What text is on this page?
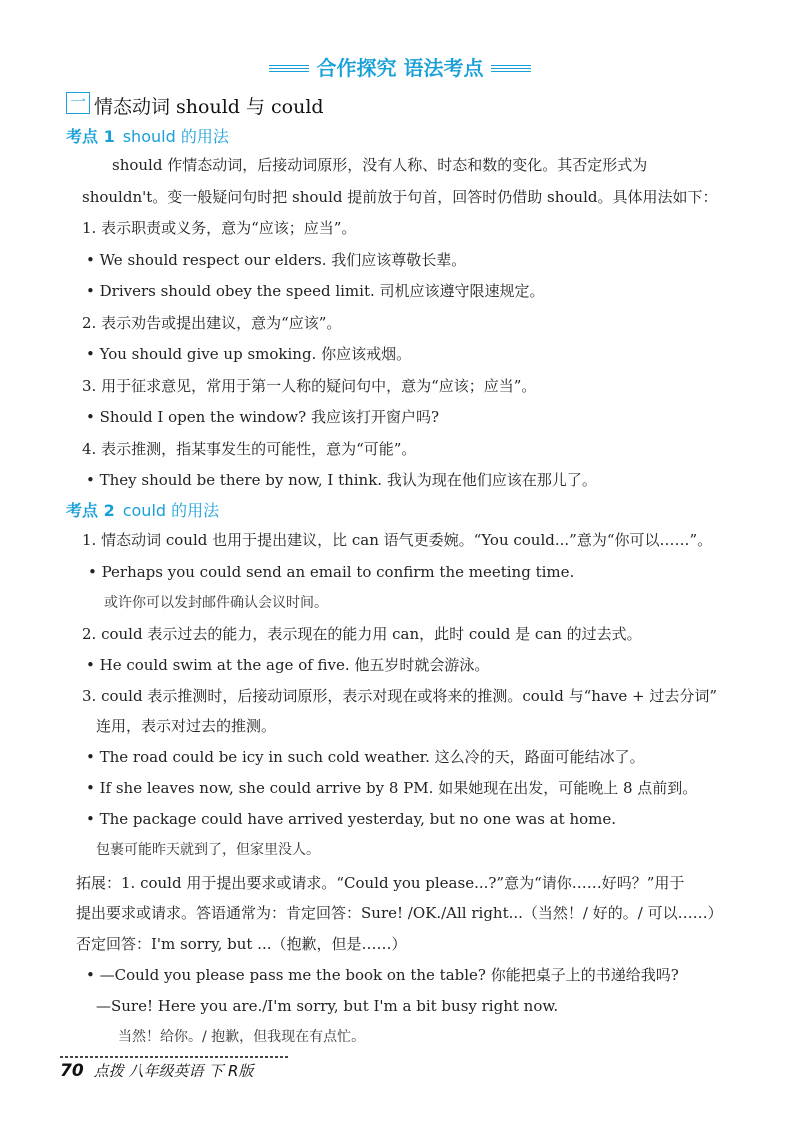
合作探究 语法考点
一 情态动词 should 与 could
考点 1 should 的用法
should 作情态动词，后接动词原形，没有人称、时态和数的变化。其否定形式为
shouldn't。变一般疑问句时把 should 提前放于句首，回答时仍借助 should。具体用法如下：
1. 表示职责或义务，意为“应该；应当”。
• We should respect our elders. 我们应该尊敬长辈。
• Drivers should obey the speed limit. 司机应该遵守限速规定。
2. 表示劝告或提出建议，意为“应该”。
• You should give up smoking. 你应该戒烟。
3. 用于征求意见，常用于第一人称的疑问句中，意为“应该；应当”。
• Should I open the window? 我应该打开窗户吗?
4. 表示推测，指某事发生的可能性，意为“可能”。
• They should be there by now, I think. 我认为现在他们应该在那儿了。
考点 2 could 的用法
1. 情态动词 could 也用于提出建议，比 can 语气更委婉。“You could...”意为“你可以……”。
• Perhaps you could send an email to confirm the meeting time.
或许你可以发封邮件确认会议时间。
2. could 表示过去的能力，表示现在的能力用 can，此时 could 是 can 的过去式。
• He could swim at the age of five. 他五岁时就会游泳。
3. could 表示推测时，后接动词原形，表示对现在或将来的推测。could 与“have + 过去分词”
连用，表示对过去的推测。
• The road could be icy in such cold weather. 这么冷的天，路面可能结冰了。
• If she leaves now, she could arrive by 8 PM. 如果她现在出发，可能晚上 8 点前到。
• The package could have arrived yesterday, but no one was at home.
包裹可能昨天就到了，但家里没人。
拓展：1. could 用于提出要求或请求。“Could you please...?”意为“请你……好吗？”用于
提出要求或请求。答语通常为：肯定回答：Sure! /OK./All right...（当然！/ 好的。/ 可以……）
否定回答：I'm sorry, but ...（抱歉，但是……）
• —Could you please pass me the book on the table? 你能把桌子上的书递给我吗?
—Sure! Here you are./I'm sorry, but I'm a bit busy right now.
当然！给你。/ 抱歉，但我现在有点忙。
70 点拨 八年级英语 下 R版
